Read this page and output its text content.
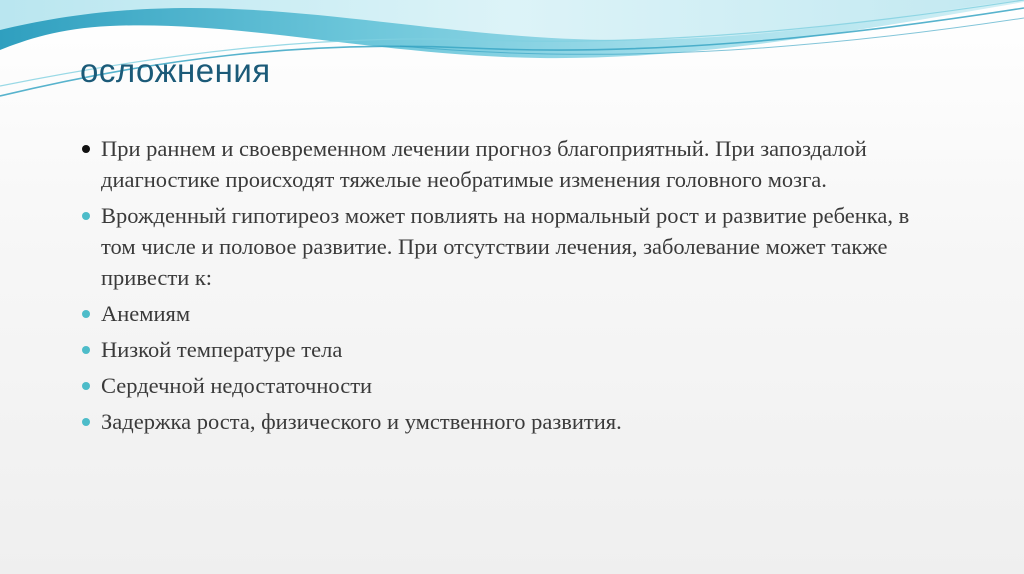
осложнения
При раннем и своевременном лечении прогноз благоприятный. При запоздалой диагностике происходят тяжелые необратимые изменения головного мозга.
Врожденный гипотиреоз может повлиять на нормальный рост и развитие ребенка, в том числе и половое развитие. При отсутствии лечения, заболевание может также привести к:
Анемиям
Низкой температуре тела
Сердечной недостаточности
Задержка роста, физического и умственного развития.
